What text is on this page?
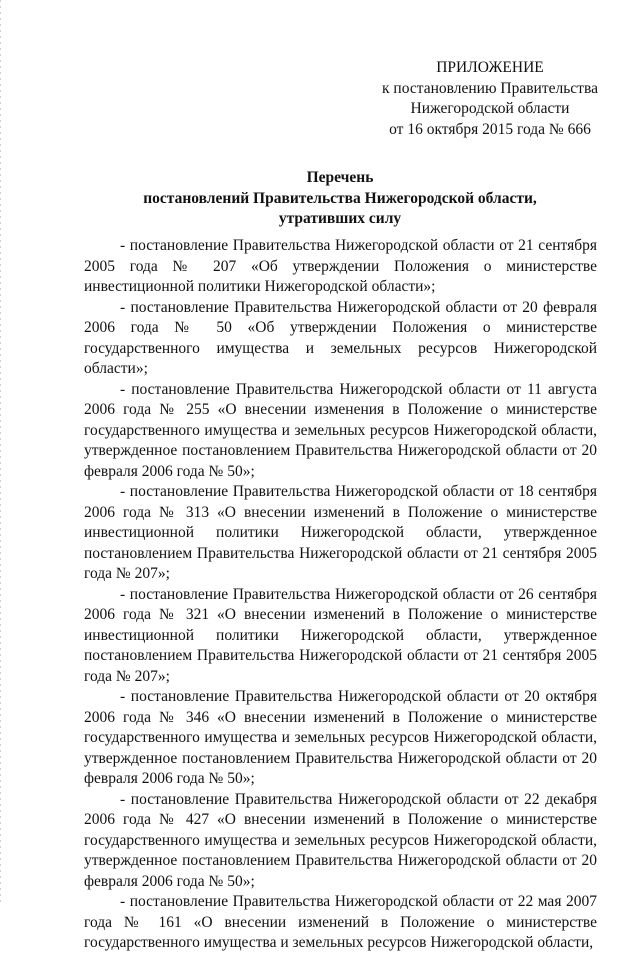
ПРИЛОЖЕНИЕ
к постановлению Правительства
Нижегородской области
от 16 октября 2015 года № 666
Перечень
постановлений Правительства Нижегородской области,
утративших силу

- постановление Правительства Нижегородской области от 21 сентября 2005 года № 207 «Об утверждении Положения о министерстве инвестиционной политики Нижегородской области»;

- постановление Правительства Нижегородской области от 20 февраля 2006 года № 50 «Об утверждении Положения о министерстве государственного имущества и земельных ресурсов Нижегородской области»;

- постановление Правительства Нижегородской области от 11 августа 2006 года № 255 «О внесении изменения в Положение о министерстве государственного имущества и земельных ресурсов Нижегородской области, утвержденное постановлением Правительства Нижегородской области от 20 февраля 2006 года № 50»;

- постановление Правительства Нижегородской области от 18 сентября 2006 года № 313 «О внесении изменений в Положение о министерстве инвестиционной политики Нижегородской области, утвержденное постановлением Правительства Нижегородской области от 21 сентября 2005 года № 207»;

- постановление Правительства Нижегородской области от 26 сентября 2006 года № 321 «О внесении изменений в Положение о министерстве инвестиционной политики Нижегородской области, утвержденное постановлением Правительства Нижегородской области от 21 сентября 2005 года № 207»;

- постановление Правительства Нижегородской области от 20 октября 2006 года № 346 «О внесении изменений в Положение о министерстве государственного имущества и земельных ресурсов Нижегородской области, утвержденное постановлением Правительства Нижегородской области от 20 февраля 2006 года № 50»;

- постановление Правительства Нижегородской области от 22 декабря 2006 года № 427 «О внесении изменений в Положение о министерстве государственного имущества и земельных ресурсов Нижегородской области, утвержденное постановлением Правительства Нижегородской области от 20 февраля 2006 года № 50»;

- постановление Правительства Нижегородской области от 22 мая 2007 года № 161 «О внесении изменений в Положение о министерстве государственного имущества и земельных ресурсов Нижегородской области,
